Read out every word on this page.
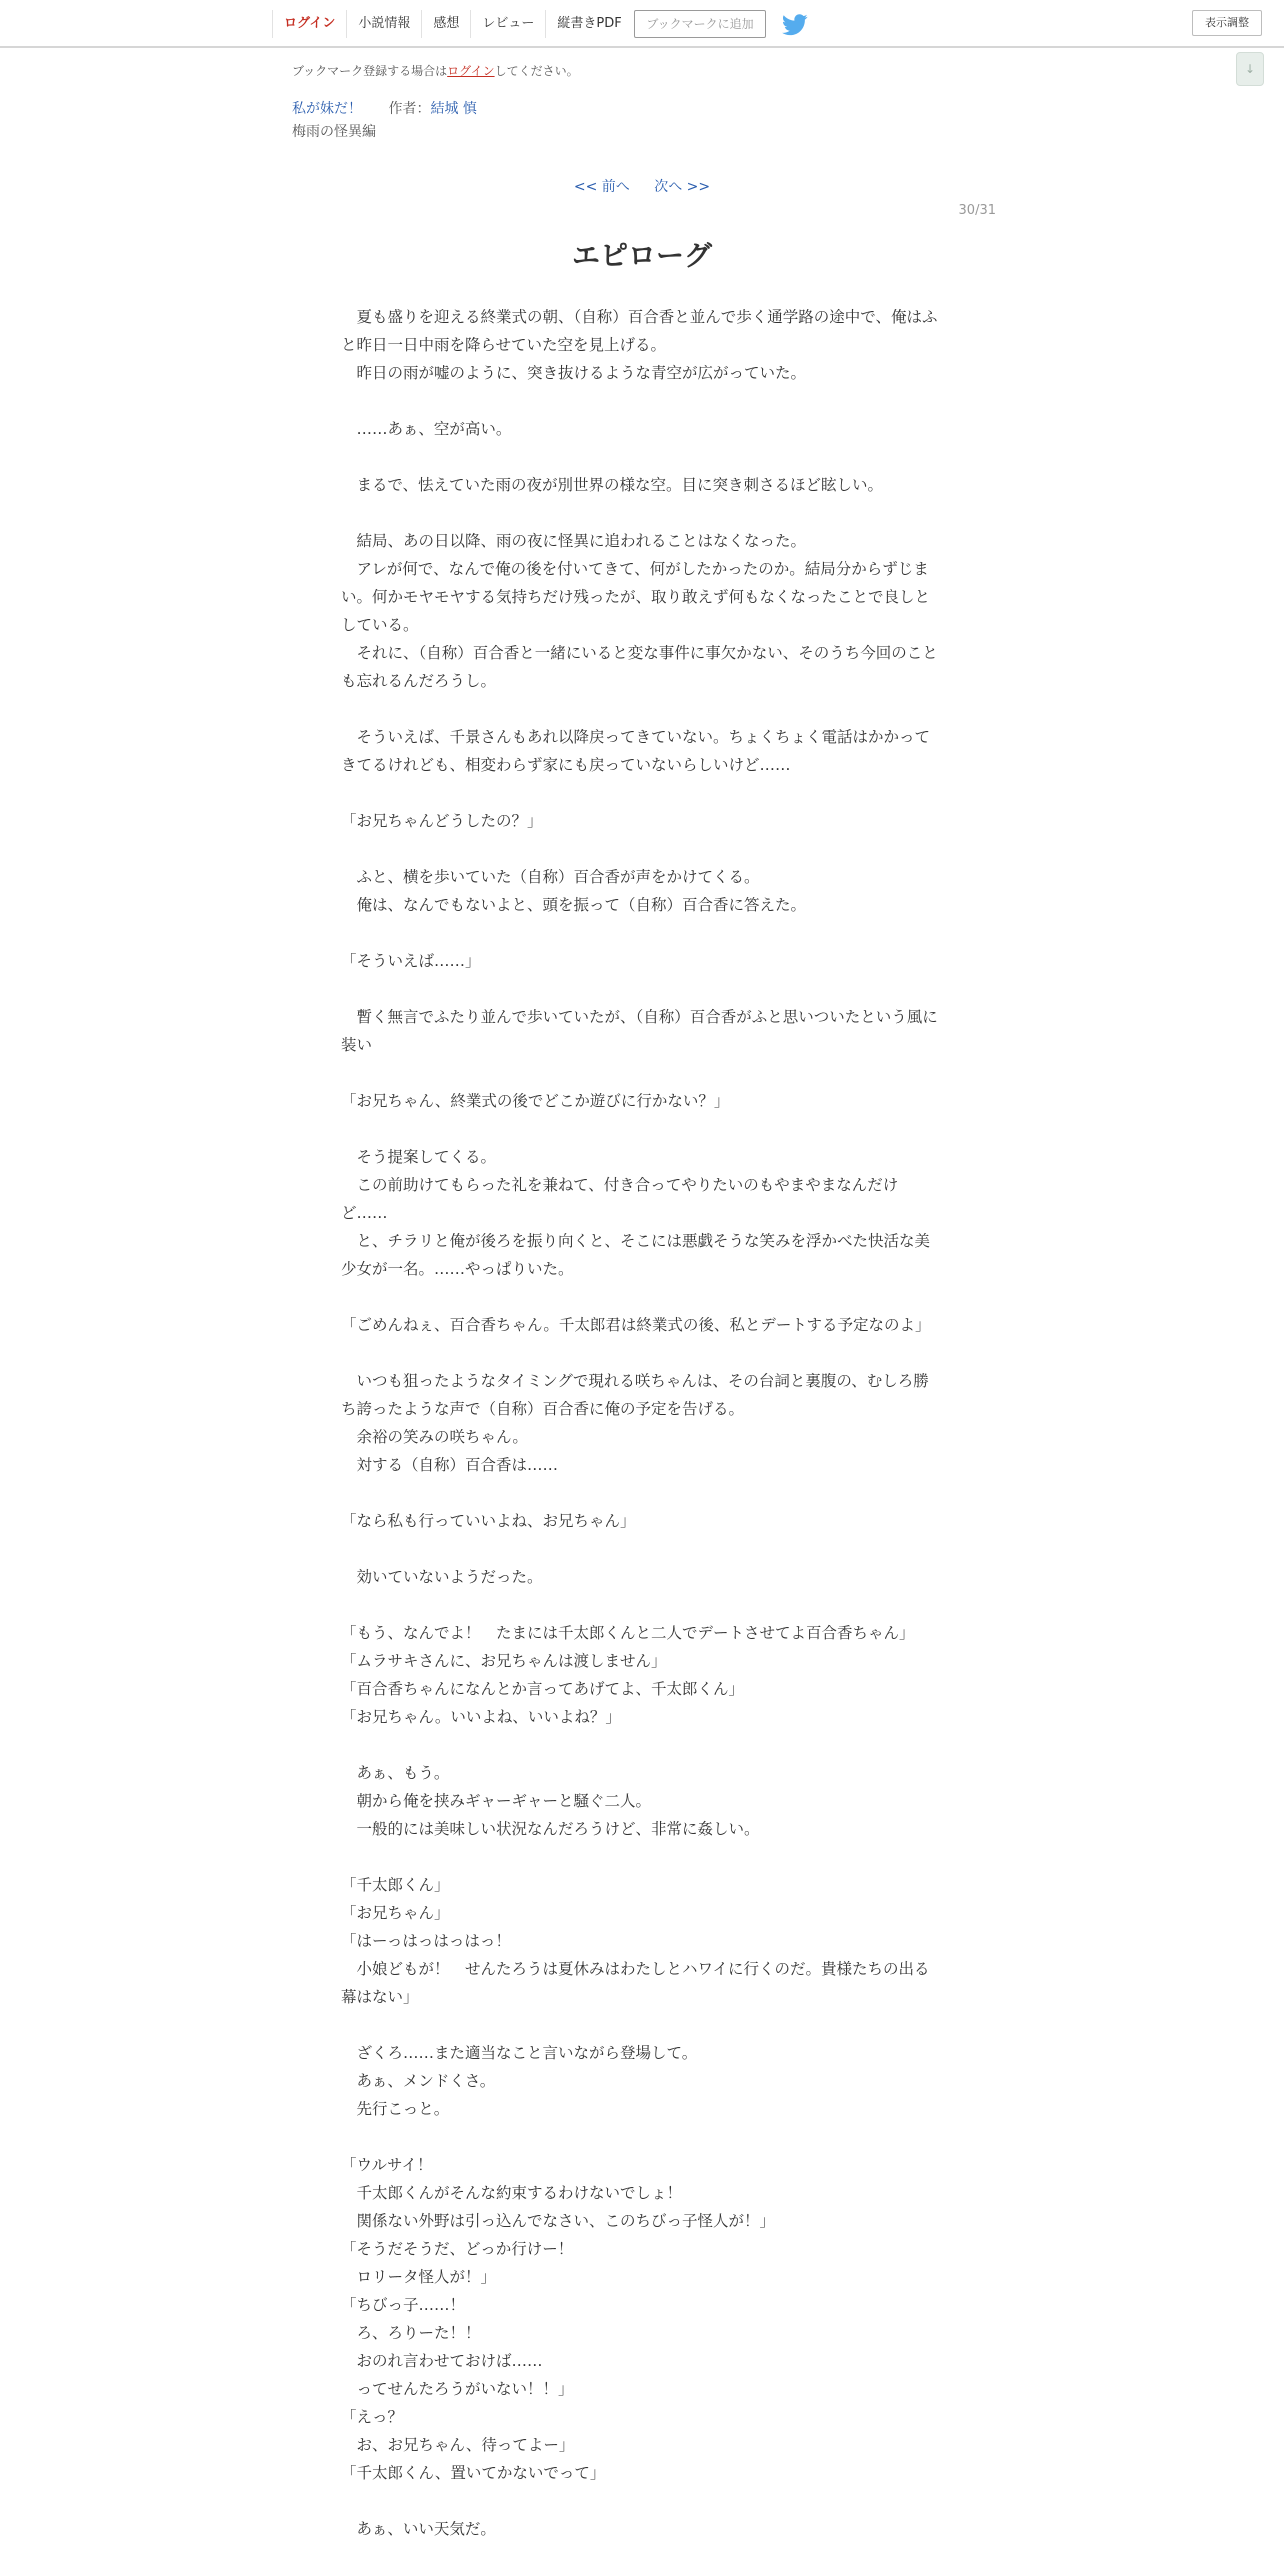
ログイン	小説情報	感想	レビュー	縦書きPDF	ブックマークに追加	表示調整
↓
ブックマーク登録する場合はログインしてください。
私が妹だ！ 作者：結城 慎
梅雨の怪異編
<< 前へ 次へ >>
30/31
エピローグ

　夏も盛りを迎える終業式の朝、（自称）百合香と並んで歩く通学路の途中で、俺はふと昨日一日中雨を降らせていた空を見上げる。

　昨日の雨が嘘のように、突き抜けるような青空が広がっていた。

　……あぁ、空が高い。

　まるで、怯えていた雨の夜が別世界の様な空。目に突き刺さるほど眩しい。

　結局、あの日以降、雨の夜に怪異に追われることはなくなった。

　アレが何で、なんで俺の後を付いてきて、何がしたかったのか。結局分からずじまい。何かモヤモヤする気持ちだけ残ったが、取り敢えず何もなくなったことで良しとしている。

　それに、（自称）百合香と一緒にいると変な事件に事欠かない、そのうち今回のことも忘れるんだろうし。

　そういえば、千景さんもあれ以降戻ってきていない。ちょくちょく電話はかかってきてるけれども、相変わらず家にも戻っていないらしいけど……

「お兄ちゃんどうしたの？」

　ふと、横を歩いていた（自称）百合香が声をかけてくる。

　俺は、なんでもないよと、頭を振って（自称）百合香に答えた。

「そういえば……」

　暫く無言でふたり並んで歩いていたが、（自称）百合香がふと思いついたという風に装い

「お兄ちゃん、終業式の後でどこか遊びに行かない？」

　そう提案してくる。

　この前助けてもらった礼を兼ねて、付き合ってやりたいのもやまやまなんだけど……

　と、チラリと俺が後ろを振り向くと、そこには悪戯そうな笑みを浮かべた快活な美少女が一名。……やっぱりいた。

「ごめんねぇ、百合香ちゃん。千太郎君は終業式の後、私とデートする予定なのよ」

　いつも狙ったようなタイミングで現れる咲ちゃんは、その台詞と裏腹の、むしろ勝ち誇ったような声で（自称）百合香に俺の予定を告げる。

　余裕の笑みの咲ちゃん。

　対する（自称）百合香は……

「なら私も行っていいよね、お兄ちゃん」

　効いていないようだった。

「もう、なんでよ！　たまには千太郎くんと二人でデートさせてよ百合香ちゃん」

「ムラサキさんに、お兄ちゃんは渡しません」

「百合香ちゃんになんとか言ってあげてよ、千太郎くん」

「お兄ちゃん。いいよね、いいよね？」

　あぁ、もう。

　朝から俺を挟みギャーギャーと騒ぐ二人。

　一般的には美味しい状況なんだろうけど、非常に姦しい。

「千太郎くん」

「お兄ちゃん」

「はーっはっはっはっ！

　小娘どもが！　せんたろうは夏休みはわたしとハワイに行くのだ。貴様たちの出る幕はない」

　ざくろ……また適当なこと言いながら登場して。

　あぁ、メンドくさ。

　先行こっと。

「ウルサイ！

　千太郎くんがそんな約束するわけないでしょ！

　関係ない外野は引っ込んでなさい、このちびっ子怪人が！」

「そうだそうだ、どっか行けー！

　ロリータ怪人が！」

「ちびっ子……！

　ろ、ろりーた！！

　おのれ言わせておけば……

　ってせんたろうがいない！！」

「えっ？

　お、お兄ちゃん、待ってよー」

「千太郎くん、置いてかないでって」

　あぁ、いい天気だ。
